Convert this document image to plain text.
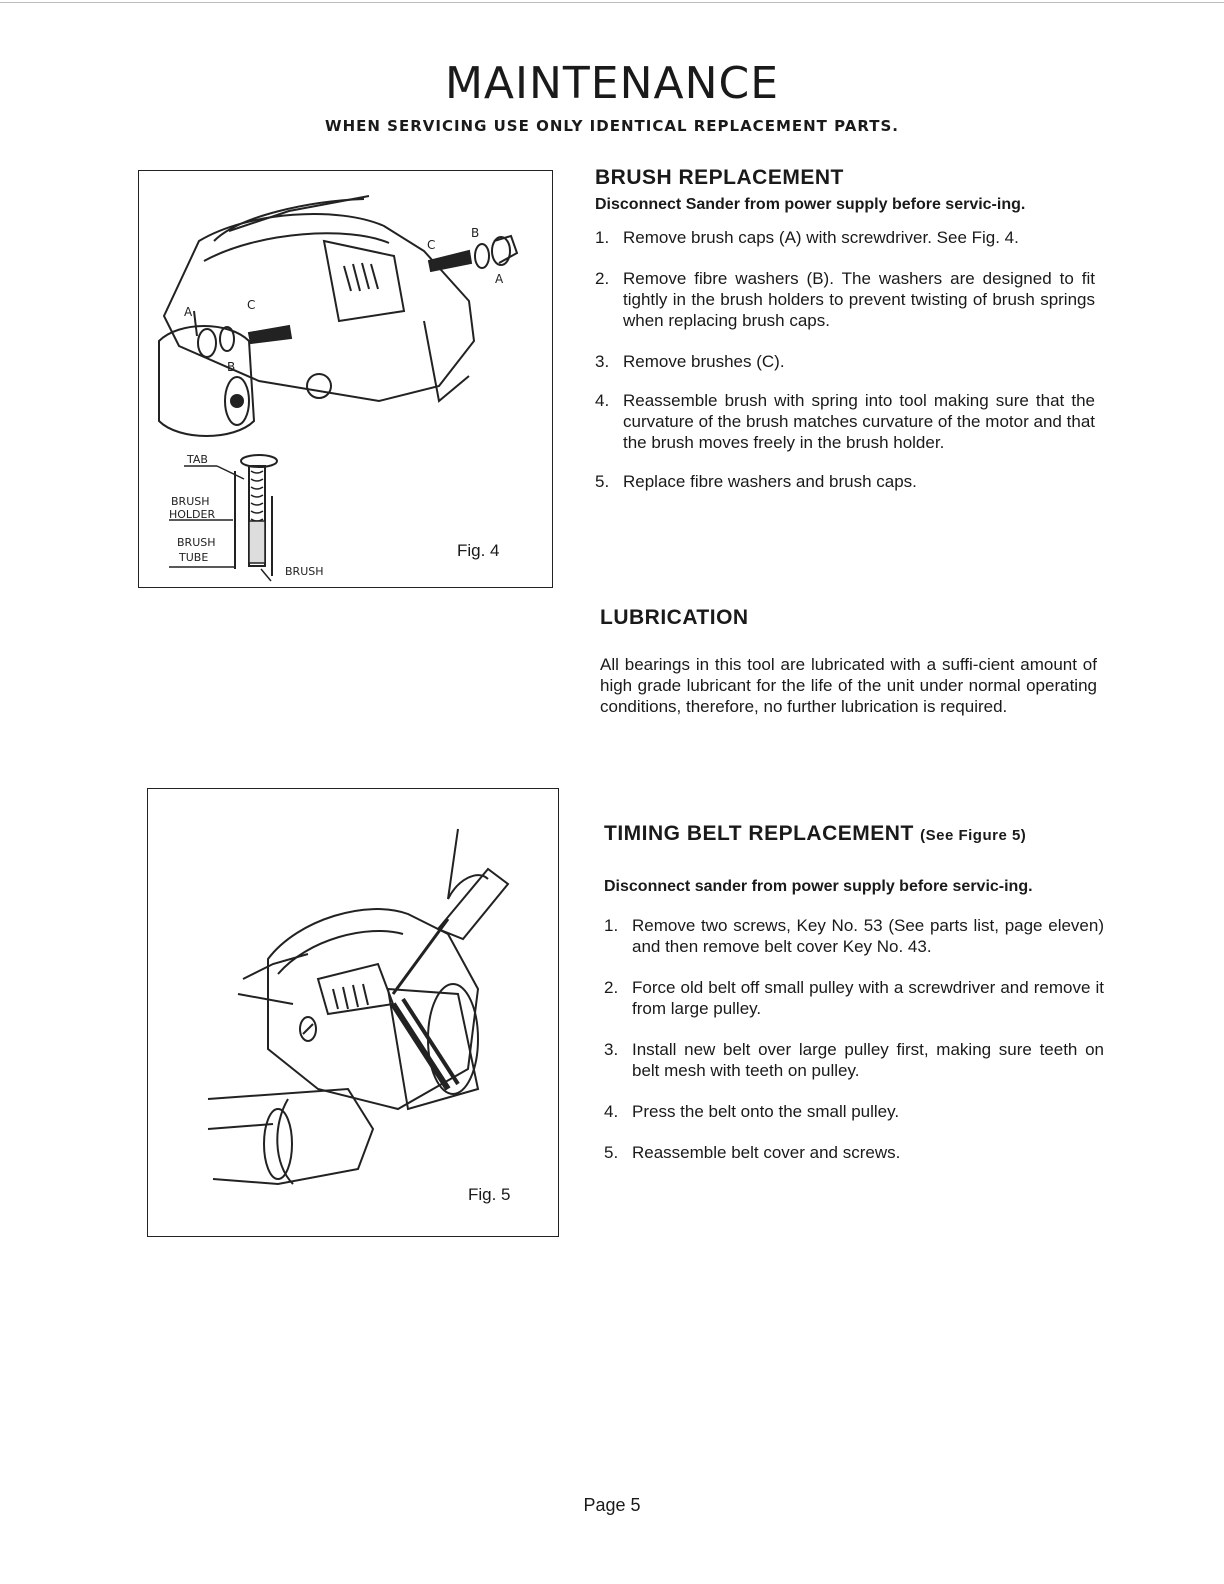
MAINTENANCE
WHEN SERVICING USE ONLY IDENTICAL REPLACEMENT PARTS.
C
B
A
C
A
B
TAB
BRUSH
HOLDER
BRUSH
TUBE
BRUSH
Fig. 4
Fig. 5
BRUSH REPLACEMENT

Disconnect Sander from power supply before servic-ing.

1. Remove brush caps (A) with screwdriver. See Fig. 4.
2. Remove fibre washers (B). The washers are designed to fit tightly in the brush holders to prevent twisting of brush springs when replacing brush caps.
3. Remove brushes (C).
4. Reassemble brush with spring into tool making sure that the curvature of the brush matches curvature of the motor and that the brush moves freely in the brush holder.
5. Replace fibre washers and brush caps.
LUBRICATION

All bearings in this tool are lubricated with a suffi-cient amount of high grade lubricant for the life of the unit under normal operating conditions, therefore, no further lubrication is required.

TIMING BELT REPLACEMENT (See Figure 5)

Disconnect sander from power supply before servic-ing.

1. Remove two screws, Key No. 53 (See parts list, page eleven) and then remove belt cover Key No. 43.
2. Force old belt off small pulley with a screwdriver and remove it from large pulley.
3. Install new belt over large pulley first, making sure teeth on belt mesh with teeth on pulley.
4. Press the belt onto the small pulley.
5. Reassemble belt cover and screws.
Page 5
